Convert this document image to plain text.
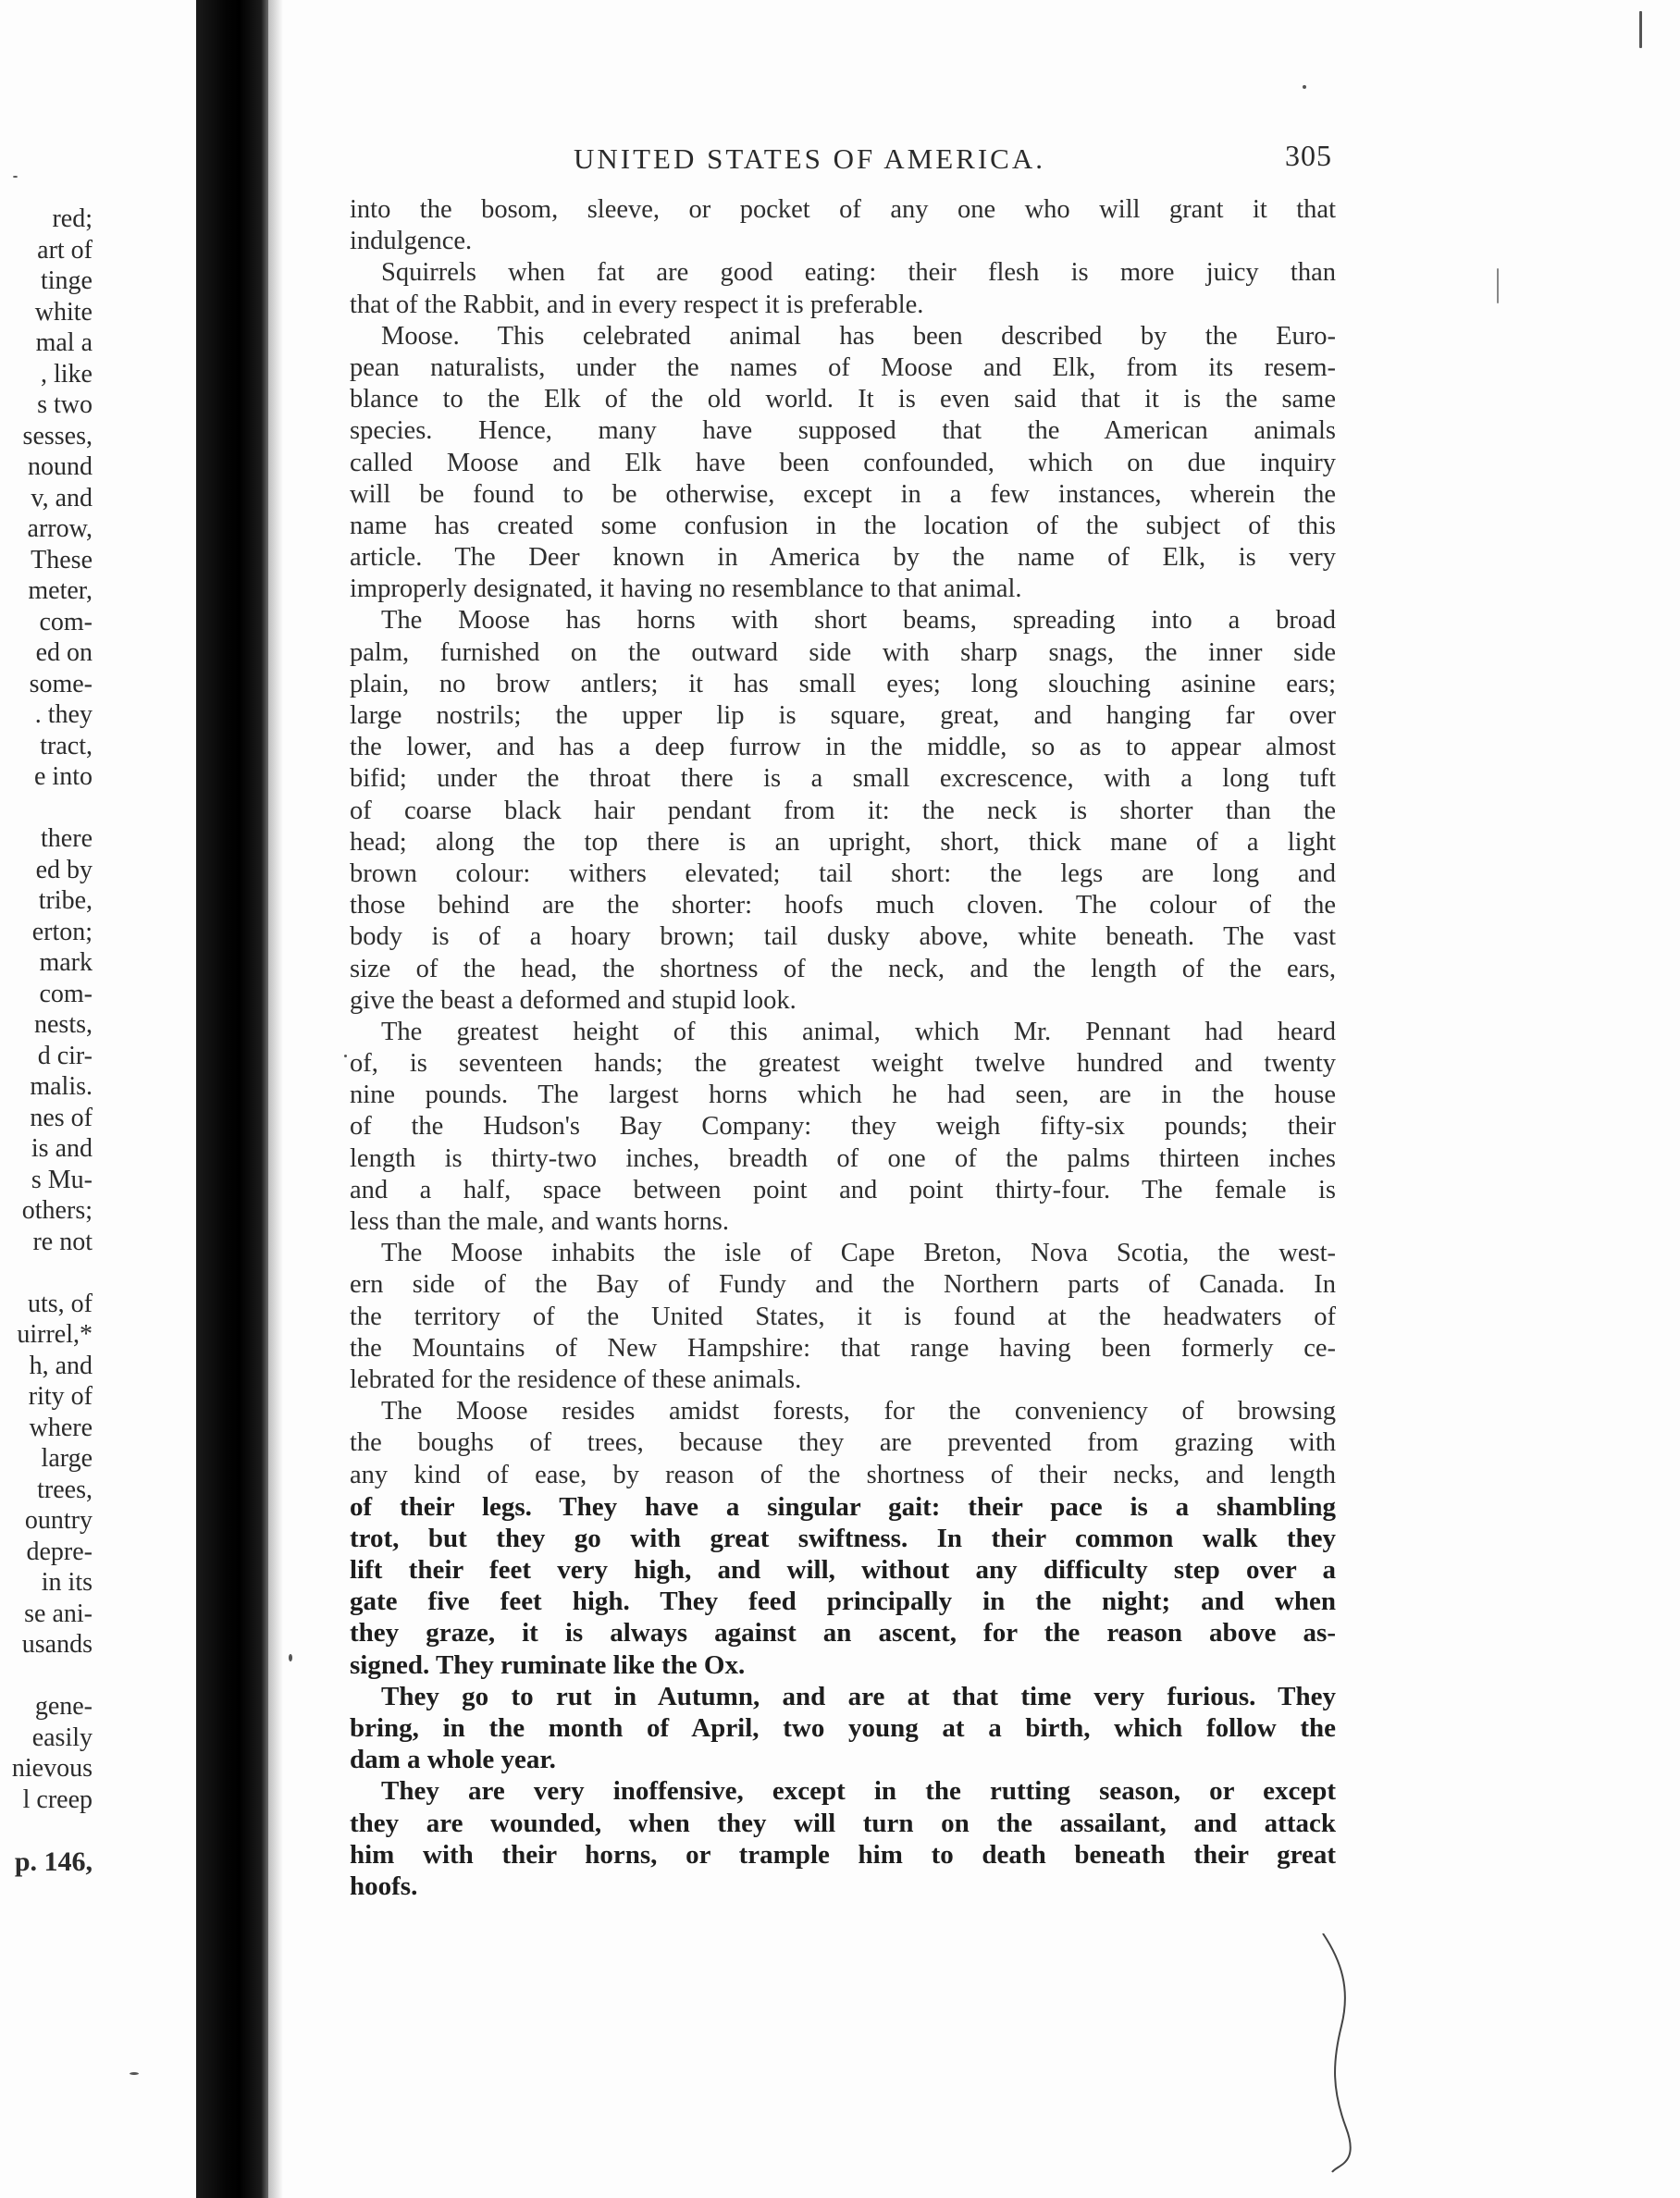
red;
art of
tinge
white
mal a
, like
s two
sesses,
nound
v, and
arrow,
These
meter,
com-
ed on
some-
. they
tract,
e into
there
ed by
tribe,
erton;
mark
com-
nests,
d cir-
malis.
nes of
is and
s Mu-
others;
re not
uts, of
uirrel,*
h, and
rity of
where
large
trees,
ountry
depre-
in its
se ani-
usands
gene-
easily
nievous
l creep
p. 146,
UNITED STATES OF AMERICA.	305
into the bosom, sleeve, or pocket of any one who will grant it that
indulgence.
Squirrels when fat are good eating: their flesh is more juicy than
that of the Rabbit, and in every respect it is preferable.
Moose. This celebrated animal has been described by the Euro-
pean naturalists, under the names of Moose and Elk, from its resem-
blance to the Elk of the old world. It is even said that it is the same
species. Hence, many have supposed that the American animals
called Moose and Elk have been confounded, which on due inquiry
will be found to be otherwise, except in a few instances, wherein the
name has created some confusion in the location of the subject of this
article. The Deer known in America by the name of Elk, is very
improperly designated, it having no resemblance to that animal.
The Moose has horns with short beams, spreading into a broad
palm, furnished on the outward side with sharp snags, the inner side
plain, no brow antlers; it has small eyes; long slouching asinine ears;
large nostrils; the upper lip is square, great, and hanging far over
the lower, and has a deep furrow in the middle, so as to appear almost
bifid; under the throat there is a small excrescence, with a long tuft
of coarse black hair pendant from it: the neck is shorter than the
head; along the top there is an upright, short, thick mane of a light
brown colour: withers elevated; tail short: the legs are long and
those behind are the shorter: hoofs much cloven. The colour of the
body is of a hoary brown; tail dusky above, white beneath. The vast
size of the head, the shortness of the neck, and the length of the ears,
give the beast a deformed and stupid look.
The greatest height of this animal, which Mr. Pennant had heard
of, is seventeen hands; the greatest weight twelve hundred and twenty
nine pounds. The largest horns which he had seen, are in the house
of the Hudson's Bay Company: they weigh fifty-six pounds; their
length is thirty-two inches, breadth of one of the palms thirteen inches
and a half, space between point and point thirty-four. The female is
less than the male, and wants horns.
The Moose inhabits the isle of Cape Breton, Nova Scotia, the west-
ern side of the Bay of Fundy and the Northern parts of Canada. In
the territory of the United States, it is found at the headwaters of
the Mountains of New Hampshire: that range having been formerly ce-
lebrated for the residence of these animals.
The Moose resides amidst forests, for the conveniency of browsing
the boughs of trees, because they are prevented from grazing with
any kind of ease, by reason of the shortness of their necks, and length
of their legs. They have a singular gait: their pace is a shambling
trot, but they go with great swiftness. In their common walk they
lift their feet very high, and will, without any difficulty step over a
gate five feet high. They feed principally in the night; and when
they graze, it is always against an ascent, for the reason above as-
signed. They ruminate like the Ox.
They go to rut in Autumn, and are at that time very furious. They
bring, in the month of April, two young at a birth, which follow the
dam a whole year.
They are very inoffensive, except in the rutting season, or except
they are wounded, when they will turn on the assailant, and attack
him with their horns, or trample him to death beneath their great
hoofs.
